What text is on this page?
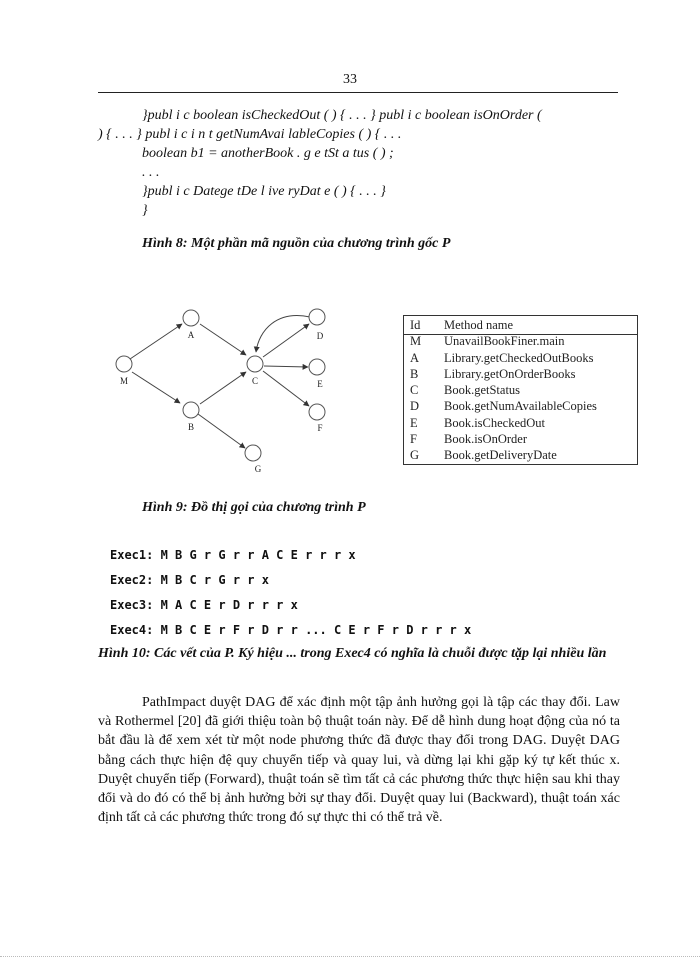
33
}publ i c boolean isCheckedOut ( ) { . . . } publ i c boolean isOnOrder (
) { . . . } publ i c i n t getNumAvai lableCopies ( ) { . . .
boolean b1 = anotherBook . g e tSt a tus ( ) ;
. . .
}publ i c Datege tDe l ive ryDat e ( ) { . . . }
}
Hình 8: Một phần mã nguồn của chương trình gốc P
M
A
B
C
D
E
F
G
Id	Method name
M	UnavailBookFiner.main
A	Library.getCheckedOutBooks
B	Library.getOnOrderBooks
C	Book.getStatus
D	Book.getNumAvailableCopies
E	Book.isCheckedOut
F	Book.isOnOrder
G	Book.getDeliveryDate
Hình 9: Đồ thị gọi của chương trình P
Exec1: M B G r G r r A C E r r r x
Exec2: M B C r G r r x
Exec3: M A C E r D r r r x
Exec4: M B C E r F r D r r ... C E r F r D r r r x
Hình 10: Các vết của P. Ký hiệu ... trong Exec4 có nghĩa là chuỗi được tặp lại nhiều lần

PathImpact duyệt DAG để xác định một tập ảnh hưởng gọi là tập các thay đổi. Law và Rothermel [20] đã giới thiệu toàn bộ thuật toán này. Để dễ hình dung hoạt động của nó ta bắt đầu là để xem xét từ một node phương thức đã được thay đổi trong DAG. Duyệt DAG bằng cách thực hiện đệ quy chuyển tiếp và quay lui, và dừng lại khi gặp ký tự kết thúc x. Duyệt chuyển tiếp (Forward), thuật toán sẽ tìm tất cả các phương thức thực hiện sau khi thay đổi và do đó có thể bị ảnh hưởng bởi sự thay đổi. Duyệt quay lui (Backward), thuật toán xác định tất cả các phương thức trong đó sự thực thi có thể trả về.
